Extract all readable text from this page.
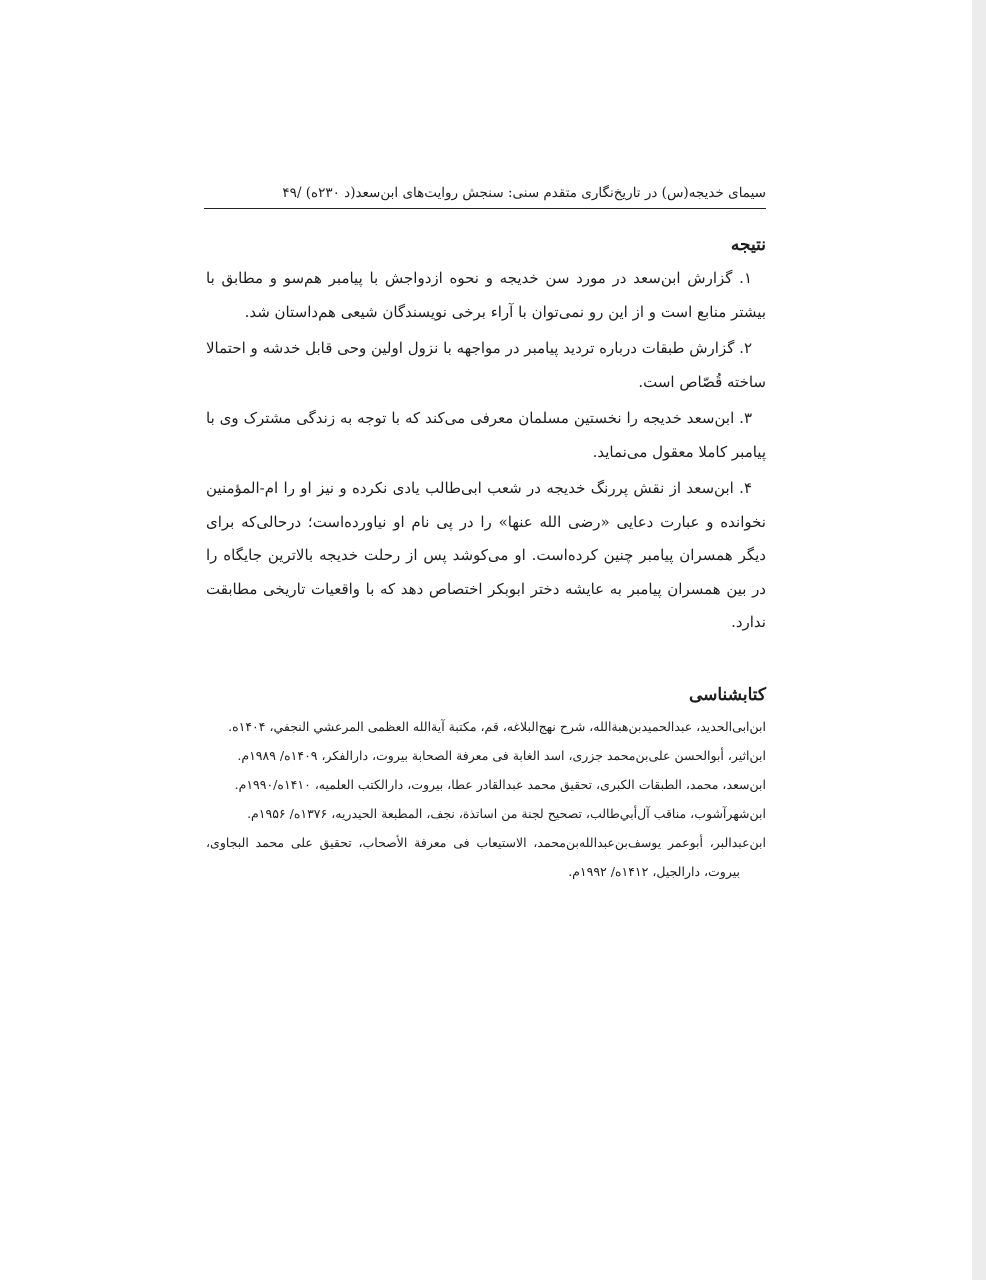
سیمای خدیجه(س) در تاریخ‌نگاری متقدم سنی: سنجش روایت‌های ابن‌سعد(د ۲۳۰ه) /۴۹
نتیجه

۱. گزارش ابن‌سعد در مورد سن خدیجه و نحوه ازدواجش با پیامبر هم‌سو و مطابق با بیشتر منابع است و از این رو نمی‌توان با آراء برخی نویسندگان شیعی هم‌داستان شد.

۲. گزارش طبقات درباره تردید پیامبر در مواجهه با نزول اولین وحی قابل خدشه و احتمالا ساخته قُصّاص است.

۳. ابن‌سعد خدیجه را نخستین مسلمان معرفی می‌کند که با توجه به زندگی مشترک وی با پیامبر کاملا معقول می‌نماید.

۴. ابن‌سعد از نقش پررنگ خدیجه در شعب ابی‌طالب یادی نکرده و نیز او را ام‌-المؤمنین نخوانده و عبارت دعایی «رضی الله عنها» را در پی نام او نیاورده‌است؛ درحالی‌که برای دیگر همسران پیامبر چنین کرده‌است. او می‌کوشد پس از رحلت خدیجه بالاترین جایگاه را در بین همسران پیامبر به عایشه دختر ابوبکر اختصاص دهد که با واقعیات تاریخی مطابقت ندارد.

کتابشناسی
ابن‌ابی‌الحدید، عبدالحمیدبن‌هبةالله، شرح نهج‌البلاغه، قم، مکتبة آیةالله العظمی المرعشي النجفي، ۱۴۰۴ه.
ابن‌اثیر، أبوالحسن علی‌بن‌محمد جزری، اسد الغابة فی معرفة الصحابة بیروت، دارالفکر، ۱۴۰۹ه/ ۱۹۸۹م.
ابن‌سعد، محمد، الطبقات الکبری، تحقیق محمد عبدالقادر عطا، بیروت، دارالکتب العلمیه، ۱۴۱۰ه/۱۹۹۰م.
ابن‌شهرآشوب، مناقب آل‌أبي‌طالب، تصحیح لجنة من اساتذة، نجف، المطبعة الحیدریه، ۱۳۷۶ه/ ۱۹۵۶م.
ابن‌عبدالبر، أبوعمر یوسف‌بن‌عبدالله‌بن‌محمد، الاستیعاب فی معرفة الأصحاب، تحقیق علی محمد البجاوی، بیروت، دارالجیل، ۱۴۱۲ه/ ۱۹۹۲م.
